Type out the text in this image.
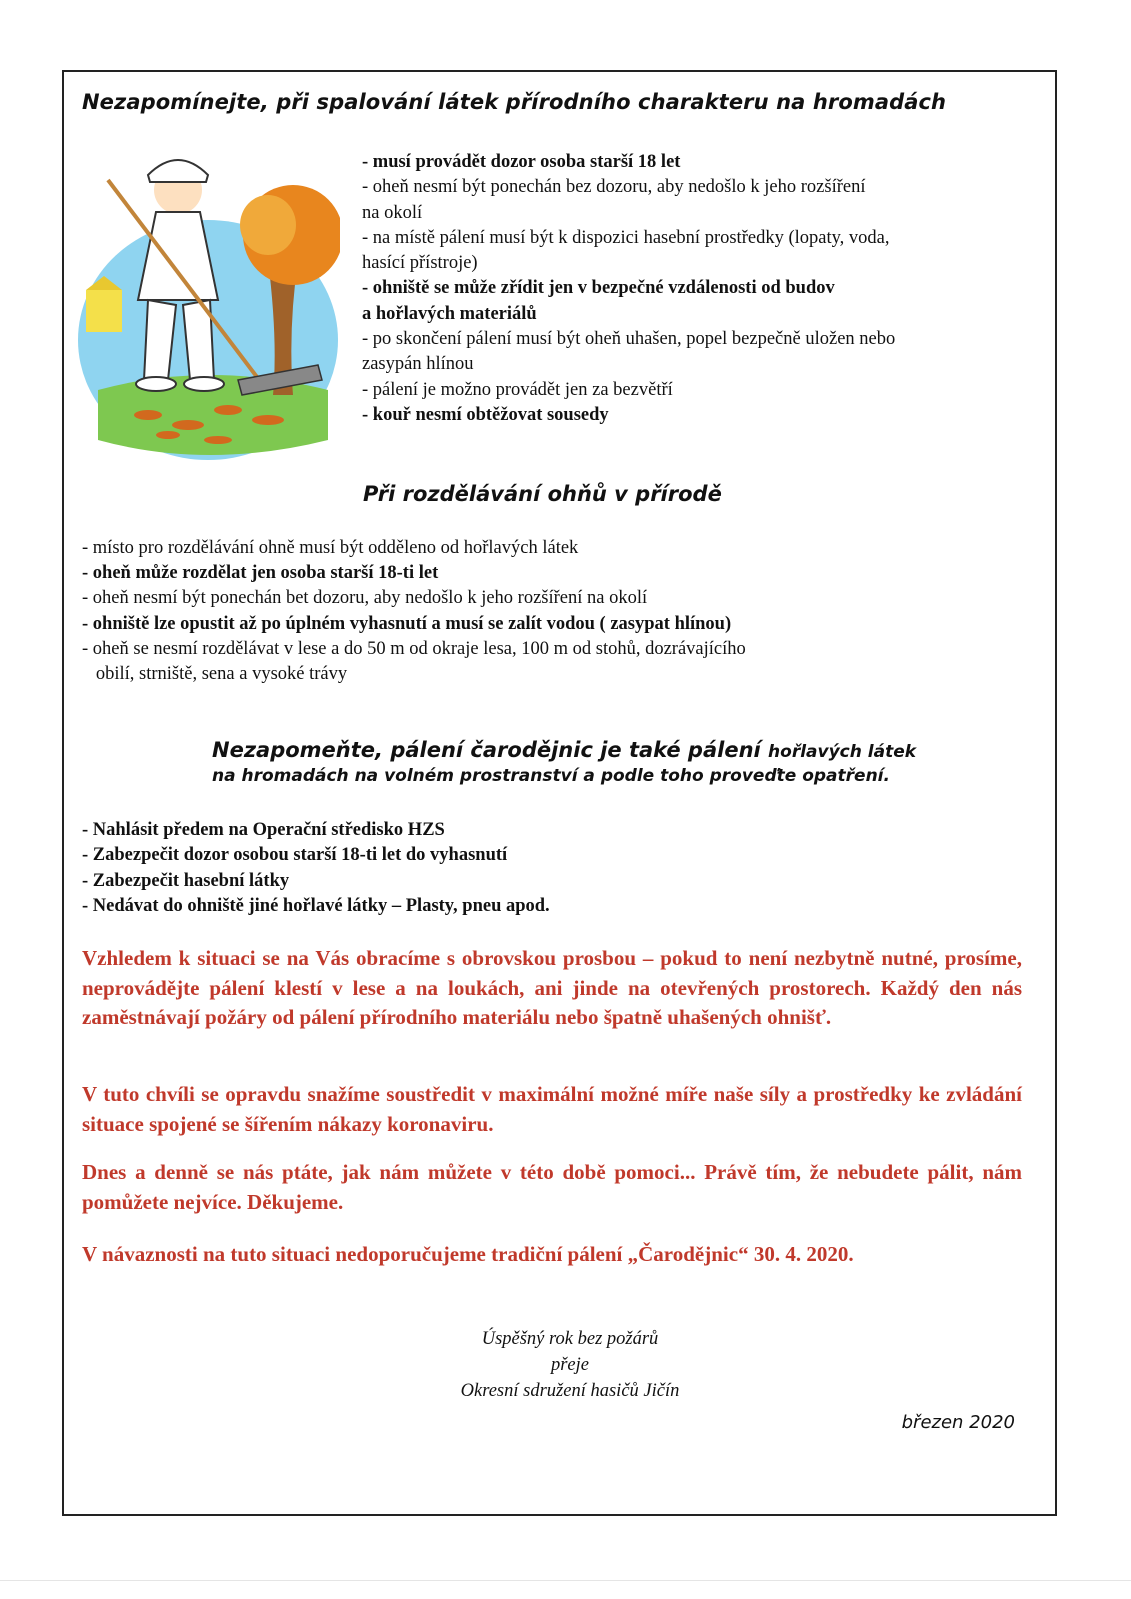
Nezapomínejte, při spalování látek přírodního charakteru na hromadách
- musí provádět dozor osoba starší 18 let
- oheň nesmí být ponechán bez dozoru, aby nedošlo k jeho rozšíření
na okolí
- na místě pálení musí být k dispozici hasební prostředky (lopaty, voda,
hasící přístroje)
- ohniště se může zřídit jen v bezpečné vzdálenosti od budov
a hořlavých materiálů
- po skončení pálení musí být oheň uhašen, popel bezpečně uložen nebo
zasypán hlínou
- pálení je možno provádět jen za bezvětří
- kouř nesmí obtěžovat sousedy
Při rozdělávání ohňů v přírodě
- místo pro rozdělávání ohně musí být odděleno od hořlavých látek
- oheň může rozdělat jen osoba starší 18-ti let
- oheň nesmí být ponechán bet dozoru, aby nedošlo k jeho rozšíření na okolí
- ohniště lze opustit až po úplném vyhasnutí a musí se zalít vodou ( zasypat hlínou)
- oheň se nesmí rozdělávat v lese a do 50 m od okraje lesa, 100 m od stohů, dozrávajícího
obilí, strniště, sena a vysoké trávy
Nezapomeňte, pálení čarodějnic je také pálení hořlavých látek
na hromadách na volném prostranství a podle toho proveďte opatření.
- Nahlásit předem na Operační středisko HZS
- Zabezpečit dozor osobou starší 18-ti let do vyhasnutí
- Zabezpečit hasební látky
- Nedávat do ohniště jiné hořlavé látky – Plasty, pneu apod.

Vzhledem k situaci se na Vás obracíme s obrovskou prosbou – pokud to není nezbytně nutné, prosíme, neprovádějte pálení klestí v lese a na loukách, ani jinde na otevřených prostorech. Každý den nás zaměstnávají požáry od pálení přírodního materiálu nebo špatně uhašených ohnišť.

V tuto chvíli se opravdu snažíme soustředit v maximální možné míře naše síly a prostředky ke zvládání situace spojené se šířením nákazy koronaviru.

Dnes a denně se nás ptáte, jak nám můžete v této době pomoci... Právě tím, že nebudete pálit, nám pomůžete nejvíce. Děkujeme.

V návaznosti na tuto situaci nedoporučujeme tradiční pálení „Čarodějnic“ 30. 4. 2020.

Úspěšný rok bez požárů
přeje
Okresní sdružení hasičů Jičín
březen 2020
